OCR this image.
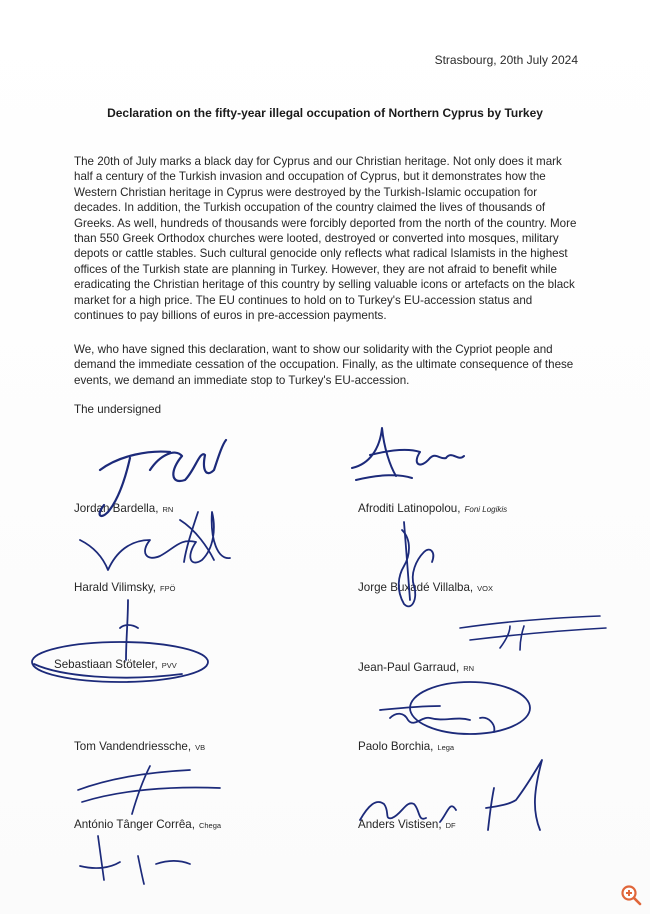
Strasbourg, 20th July 2024
Declaration on the fifty-year illegal occupation of Northern Cyprus by Turkey
The 20th of July marks a black day for Cyprus and our Christian heritage. Not only does it mark half a century of the Turkish invasion and occupation of Cyprus, but it demonstrates how the Western Christian heritage in Cyprus were destroyed by the Turkish-Islamic occupation for decades. In addition, the Turkish occupation of the country claimed the lives of thousands of Greeks. As well, hundreds of thousands were forcibly deported from the north of the country. More than 550 Greek Orthodox churches were looted, destroyed or converted into mosques, military depots or cattle stables. Such cultural genocide only reflects what radical Islamists in the highest offices of the Turkish state are planning in Turkey. However, they are not afraid to benefit while eradicating the Christian heritage of this country by selling valuable icons or artefacts on the black market for a high price. The EU continues to hold on to Turkey's EU-accession status and continues to pay billions of euros in pre-accession payments.
We, who have signed this declaration, want to show our solidarity with the Cypriot people and demand the immediate cessation of the occupation. Finally, as the ultimate consequence of these events, we demand an immediate stop to Turkey's EU-accession.
The undersigned
Jordan Bardella, RN	Afroditi Latinopolou, Foni Logikis
Harald Vilimsky, FPÖ	Jorge Buxadé Villalba, VOX
Sebastiaan Stöteler, PVV	Jean-Paul Garraud, RN
Tom Vandendriessche, VB	Paolo Borchia, Lega
António Tânger Corrêa, Chega	Anders Vistisen, DF
